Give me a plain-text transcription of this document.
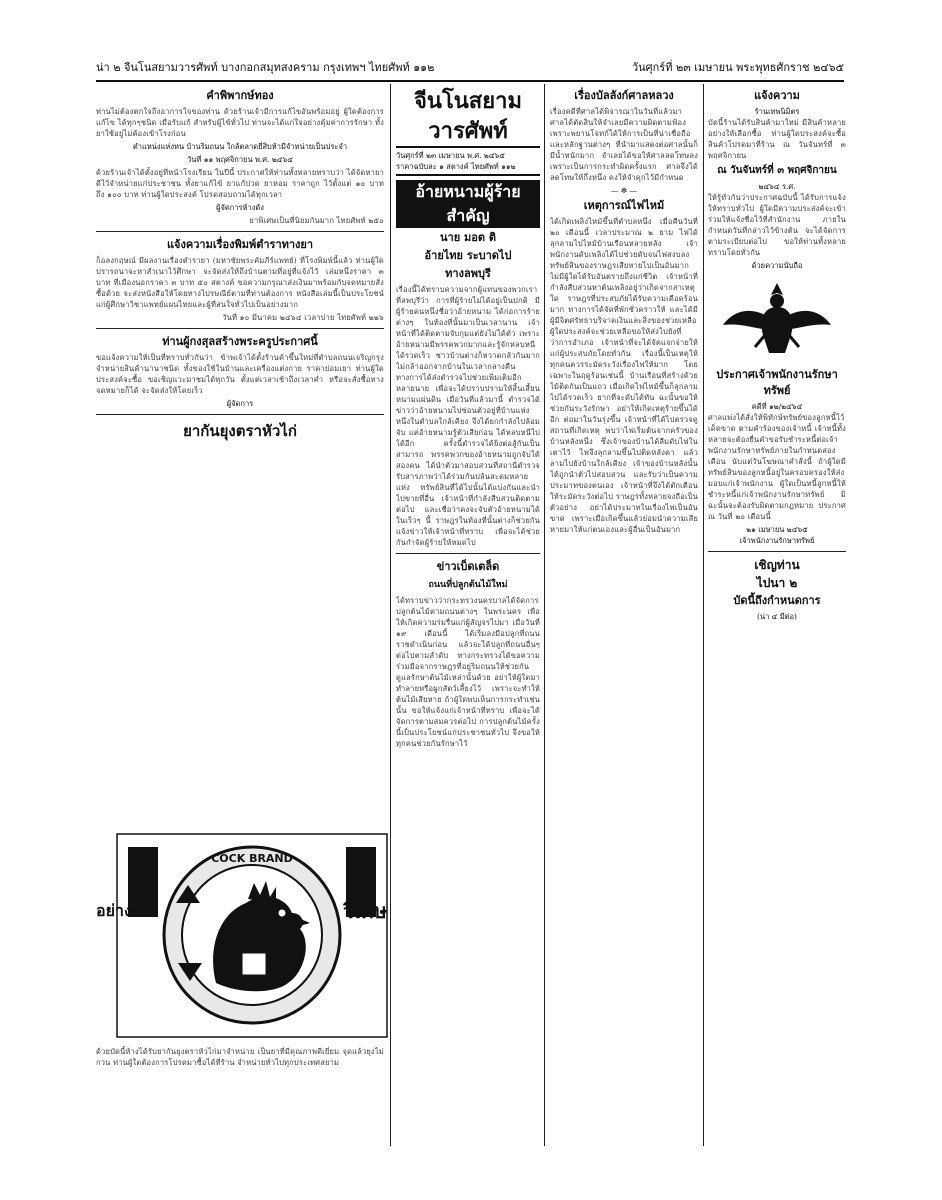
น่า ๒ จีนโนสยามวารศัพท์ บางกอกสมุทสงคราม กรุงเทพฯ ไทยศัพท์ ๑๑๒	วันศุกร์ที่ ๒๓ เมษายน พระพุทธศักราช ๒๔๖๕
คำพิพากษ์ทอง

ท่านไม่ต้องตกใจถึงอาการใจของท่าน ด้วยร้านเจ้ามีการแก้ไขอันพร้อมอยู่ ผู้ใดต้องการแก้ไข ได้ทุกๆชนิด เมื่อรับแก้ สำหรับผู้ไข้ทั่วไป ท่านจะได้แก่ใจอย่างคุ้มค่าการรักษา ทั้งยาใช้อยู่ไม่ต้องเข้าโรงก่อน

ตำแหน่งแห่งหน บ้านริมถนน ใกล้ตลาดยี่สิบห้ามีจำหน่ายเป็นประจำ

วันที่ ๑๑ พฤศจิกายน พ.ศ. ๒๔๖๔

ด้วยร้านเจ้าได้ตั้งอยู่ที่หน้าโรงเรียน ในปีนี้ ประกาศให้ท่านทั้งหลายทราบว่า ได้จัดหายาดีไว้จำหน่ายแก่ประชาชน ทั้งยาแก้ไข้ ยาแก้ปวด ยาหอม ราคาถูก ไว้ตั้งแต่ ๑๐ บาท ถึง ๑๐๐ บาท ท่านผู้ใดประสงค์ โปรดสอบถามได้ทุกเวลา

ผู้จัดการห้างดัง

ยาพิเศษเป็นที่นิยมกันมาก ไทยศัพท์ ๒๕๐

แจ้งความเรื่องพิมพ์ตำราทางยา

ก็อลงกฤษณ์ มีผลงานเรื่องตำรายา (มหาชัยพระคัมภีร์แพทย์) ที่โรงพิมพ์นี้แล้ว ท่านผู้ใดปรารถนาจะหาสำเนาไว้ศึกษา จะจัดส่งให้ถึงบ้านตามที่อยู่ที่แจ้งไว้ เล่มหนึ่งราคา ๓ บาท ที่เมืองนอกราคา ๓ บาท ๕๐ สตางค์ ขอความกรุณาส่งเงินมาพร้อมกับจดหมายสั่งซื้อด้วย จะส่งหนังสือให้โดยทางไปรษณีย์ตามที่ท่านต้องการ หนังสือเล่มนี้เป็นประโยชน์แก่ผู้ศึกษาวิชาแพทย์แผนไทยและผู้ที่สนใจทั่วไปเป็นอย่างมาก

วันที่ ๑๐ มีนาคม ๒๔๖๔ เวลาบ่าย ไทยศัพท์ ๒๒๖

ท่านผู้กงสุลสร้างพระครูประกาศนี้

ขอแจ้งความให้เป็นที่ทราบทั่วกันว่า ข้าพเจ้าได้ตั้งร้านค้าขึ้นใหม่ที่ตำบลถนนเจริญกรุง จำหน่ายสินค้านานาชนิด ทั้งของใช้ในบ้านและเครื่องแต่งกาย ราคาย่อมเยา ท่านผู้ใดประสงค์จะซื้อ ขอเชิญแวะมาชมได้ทุกวัน ตั้งแต่เวลาเช้าถึงเวลาค่ำ หรือจะสั่งซื้อทางจดหมายก็ได้ จะจัดส่งให้โดยเร็ว

ผู้จัดการ

ยากันยุงตราหัวไก่
COCK BRAND
อย่าง	วิเศษ

ด้วยบัดนี้ห้างได้รับยากันยุงตราหัวไก่มาจำหน่าย เป็นยาที่มีคุณภาพดีเยี่ยม จุดแล้วยุงไม่กวน ท่านผู้ใดต้องการโปรดมาซื้อได้ที่ร้าน จำหน่ายทั่วไปทุกประเทศสยาม

จีนโนสยามวารศัพท์
วันศุกร์ที่ ๒๓ เมษายน พ.ศ. ๒๔๖๕
ราคาฉบับละ ๑ สตางค์ ไทยศัพท์ ๑๑๒
อ้ายหนามผู้ร้ายสำคัญ
นาย มอต ติ
อ้ายไทย ระบาดไป
ทางลพบุรี

เรื่องนี้ได้ทราบความจากผู้แทนของพวกเราที่ลพบุรีว่า การที่ผู้ร้ายไม่ได้อยู่เป็นปกติ มีผู้ร้ายคนหนึ่งชื่อว่าอ้ายหนาม ได้ก่อการร้ายต่างๆ ในท้องที่นั้นมาเป็นเวลานาน เจ้าหน้าที่ได้ติดตามจับกุมแต่ยังไม่ได้ตัว เพราะอ้ายหนามมีพรรคพวกมากและรู้จักหลบหนีได้รวดเร็ว ชาวบ้านต่างก็หวาดกลัวกันมาก ไม่กล้าออกจากบ้านในเวลากลางคืน ทางการได้ส่งตำรวจไปช่วยเพิ่มเติมอีกหลายนาย เพื่อจะได้ปราบปรามให้สิ้นเสี้ยนหนามแผ่นดิน เมื่อวันที่แล้วมานี้ ตำรวจได้ข่าวว่าอ้ายหนามไปซ่อนตัวอยู่ที่บ้านแห่งหนึ่งในตำบลใกล้เคียง จึงได้ยกกำลังไปล้อมจับ แต่อ้ายหนามรู้ตัวเสียก่อน ได้หลบหนีไปได้อีก ครั้งนี้ตำรวจได้ยิงต่อสู้กันเป็นสามารถ พรรคพวกของอ้ายหนามถูกจับได้สองคน ได้นำตัวมาสอบสวนที่สถานีตำรวจ รับสารภาพว่าได้ร่วมกันปล้นสะดมหลายแห่ง ทรัพย์สินที่ได้ไปนั้นได้แบ่งกันและนำไปขายที่อื่น เจ้าหน้าที่กำลังสืบสวนติดตามต่อไป และเชื่อว่าคงจะจับตัวอ้ายหนามได้ในเร็วๆ นี้ ราษฎรในท้องที่นั้นต่างก็ช่วยกันแจ้งข่าวให้เจ้าหน้าที่ทราบ เพื่อจะได้ช่วยกันกำจัดผู้ร้ายให้หมดไป

ข่าวเบ็ดเตล็ด
ถนนที่ปลูกต้นไม้ใหม่

ได้ทราบข่าวว่ากระทรวงนครบาลได้จัดการปลูกต้นไม้ตามถนนต่างๆ ในพระนคร เพื่อให้เกิดความร่มรื่นแก่ผู้สัญจรไปมา เมื่อวันที่ ๑๙ เดือนนี้ ได้เริ่มลงมือปลูกที่ถนนราชดำเนินก่อน แล้วจะได้ปลูกที่ถนนอื่นๆ ต่อไปตามลำดับ ทางกระทรวงได้ขอความร่วมมือจากราษฎรที่อยู่ริมถนนให้ช่วยกันดูแลรักษาต้นไม้เหล่านั้นด้วย อย่าให้ผู้ใดมาทำลายหรือผูกสัตว์เลี้ยงไว้ เพราะจะทำให้ต้นไม้เสียหาย ถ้าผู้ใดพบเห็นการกระทำเช่นนั้น ขอให้แจ้งแก่เจ้าหน้าที่ทราบ เพื่อจะได้จัดการตามสมควรต่อไป การปลูกต้นไม้ครั้งนี้เป็นประโยชน์แก่ประชาชนทั่วไป จึงขอให้ทุกคนช่วยกันรักษาไว้

เรื่องบัลลังก์ศาลหลวง

เรื่องคดีที่ศาลได้พิจารณาในวันที่แล้วมา ศาลได้ตัดสินให้จำเลยมีความผิดตามฟ้อง เพราะพยานโจทก์ได้ให้การเป็นที่น่าเชื่อถือ และหลักฐานต่างๆ ที่นำมาแสดงต่อศาลนั้นก็มีน้ำหนักมาก จำเลยได้ขอให้ศาลลดโทษลง เพราะเป็นการกระทำผิดครั้งแรก ศาลจึงได้ลดโทษให้กึ่งหนึ่ง คงให้จำคุกไว้มีกำหนด

— ✻ —
เหตุการณ์ไฟไหม้

ได้เกิดเพลิงไหม้ขึ้นที่ตำบลหนึ่ง เมื่อคืนวันที่ ๒๐ เดือนนี้ เวลาประมาณ ๒ ยาม ไฟได้ลุกลามไปไหม้บ้านเรือนหลายหลัง เจ้าพนักงานดับเพลิงได้ไปช่วยดับจนไฟสงบลง ทรัพย์สินของราษฎรเสียหายไปเป็นอันมาก ไม่มีผู้ใดได้รับอันตรายถึงแก่ชีวิต เจ้าหน้าที่กำลังสืบสวนหาต้นเพลิงอยู่ว่าเกิดจากสาเหตุใด ราษฎรที่ประสบภัยได้รับความเดือดร้อนมาก ทางการได้จัดที่พักชั่วคราวให้ และได้มีผู้มีจิตศรัทธาบริจาคเงินและสิ่งของช่วยเหลือ ผู้ใดประสงค์จะช่วยเหลือขอให้ส่งไปยังที่ว่าการอำเภอ เจ้าหน้าที่จะได้จัดแจกจ่ายให้แก่ผู้ประสบภัยโดยทั่วกัน เรื่องนี้เป็นเหตุให้ทุกคนควรระมัดระวังเรื่องไฟให้มาก โดยเฉพาะในฤดูร้อนเช่นนี้ บ้านเรือนที่สร้างด้วยไม้ติดกันเป็นแถว เมื่อเกิดไฟไหม้ขึ้นก็ลุกลามไปได้รวดเร็ว ยากที่จะดับได้ทัน ฉะนั้นขอให้ช่วยกันระวังรักษา อย่าให้เกิดเหตุร้ายขึ้นได้อีก ต่อมาในวันรุ่งขึ้น เจ้าหน้าที่ได้ไปตรวจดูสถานที่เกิดเหตุ พบว่าไฟเริ่มต้นจากครัวของบ้านหลังหนึ่ง ซึ่งเจ้าของบ้านได้ลืมดับไฟในเตาไว้ ไฟจึงลุกลามขึ้นไปติดหลังคา แล้วลามไปยังบ้านใกล้เคียง เจ้าของบ้านหลังนั้นได้ถูกนำตัวไปสอบสวน และรับว่าเป็นความประมาทของตนเอง เจ้าหน้าที่จึงได้ตักเตือนให้ระมัดระวังต่อไป ราษฎรทั้งหลายจงถือเป็นตัวอย่าง อย่าได้ประมาทในเรื่องไฟเป็นอันขาด เพราะเมื่อเกิดขึ้นแล้วย่อมนำความเสียหายมาให้แก่ตนเองและผู้อื่นเป็นอันมาก

แจ้งความ
ร้านเทพนิมิตร

บัดนี้ร้านได้รับสินค้ามาใหม่ มีสินค้าหลายอย่างให้เลือกซื้อ ท่านผู้ใดประสงค์จะซื้อสินค้าโปรดมาที่ร้าน ณ วันจันทร์ที่ ๓ พฤศจิกายน

ณ วันจันทร์ที่ ๓ พฤศจิกายน
๒๔๖๔ ร.ศ.

ให้รู้ทั่วกันว่าประกาศฉบับนี้ ได้รับการแจ้งให้ทราบทั่วไป ผู้ใดมีความประสงค์จะเข้าร่วมให้แจ้งชื่อไว้ที่สำนักงาน ภายในกำหนดวันที่กล่าวไว้ข้างต้น จะได้จัดการตามระเบียบต่อไป ขอให้ท่านทั้งหลายทราบโดยทั่วกัน

ด้วยความนับถือ
ประกาศเจ้าพนักงานรักษาทรัพย์
คดีที่ ๑๒/๒๔๖๔

ศาลแพ่งได้สั่งให้พิทักษ์ทรัพย์ของลูกหนี้ไว้เด็ดขาด ตามคำร้องของเจ้าหนี้ เจ้าหนี้ทั้งหลายจะต้องยื่นคำขอรับชำระหนี้ต่อเจ้าพนักงานรักษาทรัพย์ภายในกำหนดสองเดือน นับแต่วันโฆษณาคำสั่งนี้ ถ้าผู้ใดมีทรัพย์สินของลูกหนี้อยู่ในครอบครองให้ส่งมอบแก่เจ้าพนักงาน ผู้ใดเป็นหนี้ลูกหนี้ให้ชำระหนี้แก่เจ้าพนักงานรักษาทรัพย์ มิฉะนั้นจะต้องรับผิดตามกฎหมาย ประกาศ ณ วันที่ ๒๐ เดือนนี้

๒๑ เมษายน ๒๔๖๕
เจ้าพนักงานรักษาทรัพย์
เชิญท่าน
ไปนา ๒
บัดนี้ถึงกำหนดการ
(น่า ๔ มีต่อ)
